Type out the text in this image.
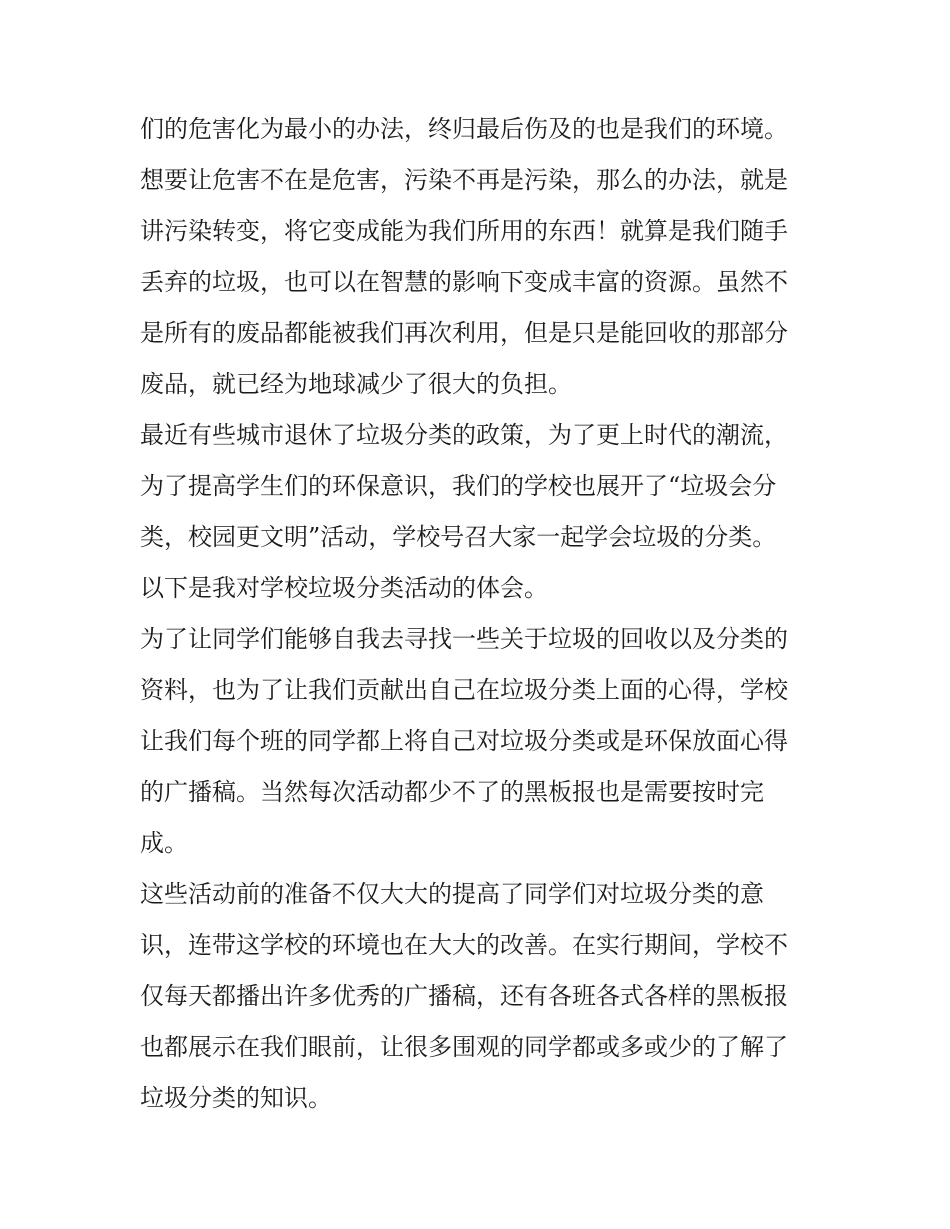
们的危害化为最小的办法，终归最后伤及的也是我们的环境。
想要让危害不在是危害，污染不再是污染，那么的办法，就是
讲污染转变，将它变成能为我们所用的东西！就算是我们随手
丢弃的垃圾，也可以在智慧的影响下变成丰富的资源。虽然不
是所有的废品都能被我们再次利用，但是只是能回收的那部分
废品，就已经为地球减少了很大的负担。
最近有些城市退休了垃圾分类的政策，为了更上时代的潮流，
为了提高学生们的环保意识，我们的学校也展开了“垃圾会分
类，校园更文明”活动，学校号召大家一起学会垃圾的分类。
以下是我对学校垃圾分类活动的体会。
为了让同学们能够自我去寻找一些关于垃圾的回收以及分类的
资料，也为了让我们贡献出自己在垃圾分类上面的心得，学校
让我们每个班的同学都上将自己对垃圾分类或是环保放面心得
的广播稿。当然每次活动都少不了的黑板报也是需要按时完
成。
这些活动前的准备不仅大大的提高了同学们对垃圾分类的意
识，连带这学校的环境也在大大的改善。在实行期间，学校不
仅每天都播出许多优秀的广播稿，还有各班各式各样的黑板报
也都展示在我们眼前，让很多围观的同学都或多或少的了解了
垃圾分类的知识。
